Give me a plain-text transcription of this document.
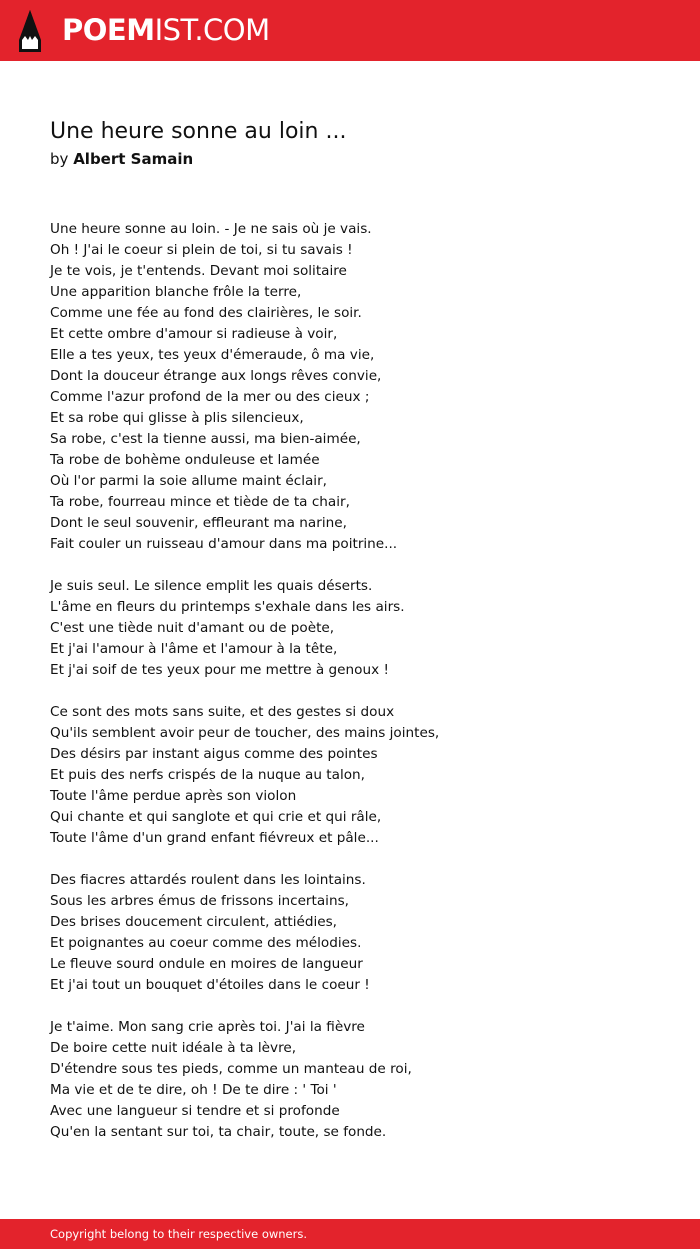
POEMIST.COM
Une heure sonne au loin ...
by Albert Samain
Une heure sonne au loin. - Je ne sais où je vais.
Oh ! J'ai le coeur si plein de toi, si tu savais !
Je te vois, je t'entends. Devant moi solitaire
Une apparition blanche frôle la terre,
Comme une fée au fond des clairières, le soir.
Et cette ombre d'amour si radieuse à voir,
Elle a tes yeux, tes yeux d'émeraude, ô ma vie,
Dont la douceur étrange aux longs rêves convie,
Comme l'azur profond de la mer ou des cieux ;
Et sa robe qui glisse à plis silencieux,
Sa robe, c'est la tienne aussi, ma bien-aimée,
Ta robe de bohème onduleuse et lamée
Où l'or parmi la soie allume maint éclair,
Ta robe, fourreau mince et tiède de ta chair,
Dont le seul souvenir, effleurant ma narine,
Fait couler un ruisseau d'amour dans ma poitrine...
Je suis seul. Le silence emplit les quais déserts.
L'âme en fleurs du printemps s'exhale dans les airs.
C'est une tiède nuit d'amant ou de poète,
Et j'ai l'amour à l'âme et l'amour à la tête,
Et j'ai soif de tes yeux pour me mettre à genoux !
Ce sont des mots sans suite, et des gestes si doux
Qu'ils semblent avoir peur de toucher, des mains jointes,
Des désirs par instant aigus comme des pointes
Et puis des nerfs crispés de la nuque au talon,
Toute l'âme perdue après son violon
Qui chante et qui sanglote et qui crie et qui râle,
Toute l'âme d'un grand enfant fiévreux et pâle...
Des fiacres attardés roulent dans les lointains.
Sous les arbres émus de frissons incertains,
Des brises doucement circulent, attiédies,
Et poignantes au coeur comme des mélodies.
Le fleuve sourd ondule en moires de langueur
Et j'ai tout un bouquet d'étoiles dans le coeur !
Je t'aime. Mon sang crie après toi. J'ai la fièvre
De boire cette nuit idéale à ta lèvre,
D'étendre sous tes pieds, comme un manteau de roi,
Ma vie et de te dire, oh ! De te dire : ' Toi '
Avec une langueur si tendre et si profonde
Qu'en la sentant sur toi, ta chair, toute, se fonde.
Copyright belong to their respective owners.
